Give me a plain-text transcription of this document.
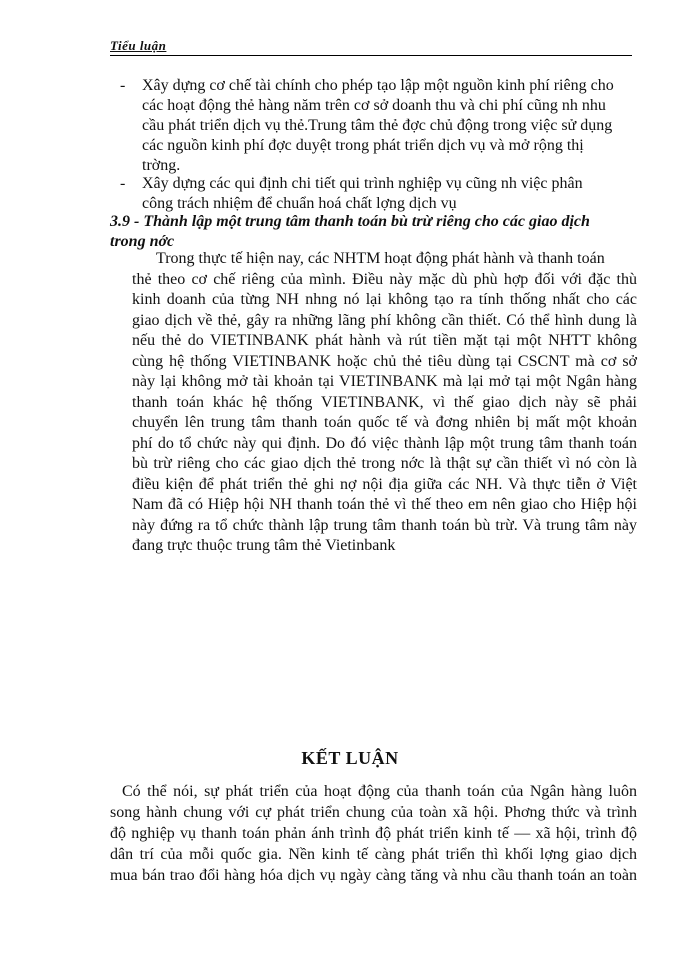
Tiểu luận
- Xây dựng cơ chế tài chính cho phép tạo lập một nguồn kinh phí riêng cho
các hoạt động thẻ hàng năm trên cơ sở doanh thu và chi phí cũng nh nhu
cầu phát triển dịch vụ thẻ.Trung tâm thẻ đợc chủ động trong việc sử dụng
các nguồn kinh phí đợc duyệt trong phát triển dịch vụ và mở rộng thị
trờng.
- Xây dựng các qui định chi tiết qui trình nghiệp vụ cũng nh việc phân
công trách nhiệm để chuẩn hoá chất lợng dịch vụ
3.9 - Thành lập một trung tâm thanh toán bù trừ riêng cho các giao dịch
trong nớc
Trong thực tế hiện nay, các NHTM hoạt động phát hành và thanh toán
thẻ theo cơ chế riêng của mình. Điều này mặc dù phù hợp đối với đặc thù
kinh doanh của từng NH nhng nó lại không tạo ra tính thống nhất cho các
giao dịch về thẻ, gây ra những lãng phí không cần thiết. Có thể hình dung là
nếu thẻ do VIETINBANK phát hành và rút tiền mặt tại một NHTT không
cùng hệ thống VIETINBANK hoặc chủ thẻ tiêu dùng tại CSCNT mà cơ sở
này lại không mở tài khoản tại VIETINBANK mà lại mở tại một Ngân hàng
thanh toán khác hệ thống VIETINBANK, vì thế giao dịch này sẽ phải
chuyển lên trung tâm thanh toán quốc tế và đơng nhiên bị mất một khoản
phí do tổ chức này qui định. Do đó việc thành lập một trung tâm thanh toán
bù trừ riêng cho các giao dịch thẻ trong nớc là thật sự cần thiết vì nó còn là
điều kiện để phát triển thẻ ghi nợ nội địa giữa các NH. Và thực tiễn ở Việt
Nam đã có Hiệp hội NH thanh toán thẻ vì thế theo em nên giao cho Hiệp hội
này đứng ra tổ chức thành lập trung tâm thanh toán bù trừ. Và trung tâm này
đang trực thuộc trung tâm thẻ Vietinbank
KẾT LUẬN
Có thể nói, sự phát triển của hoạt động của thanh toán của Ngân hàng luôn
song hành chung với cự phát triển chung của toàn xã hội. Phơng thức và trình
độ nghiệp vụ thanh toán phản ánh trình độ phát triển kinh tế — xã hội, trình độ
dân trí của mỗi quốc gia. Nền kinh tế càng phát triển thì khối lợng giao dịch
mua bán trao đổi hàng hóa dịch vụ ngày càng tăng và nhu cầu thanh toán an toàn
